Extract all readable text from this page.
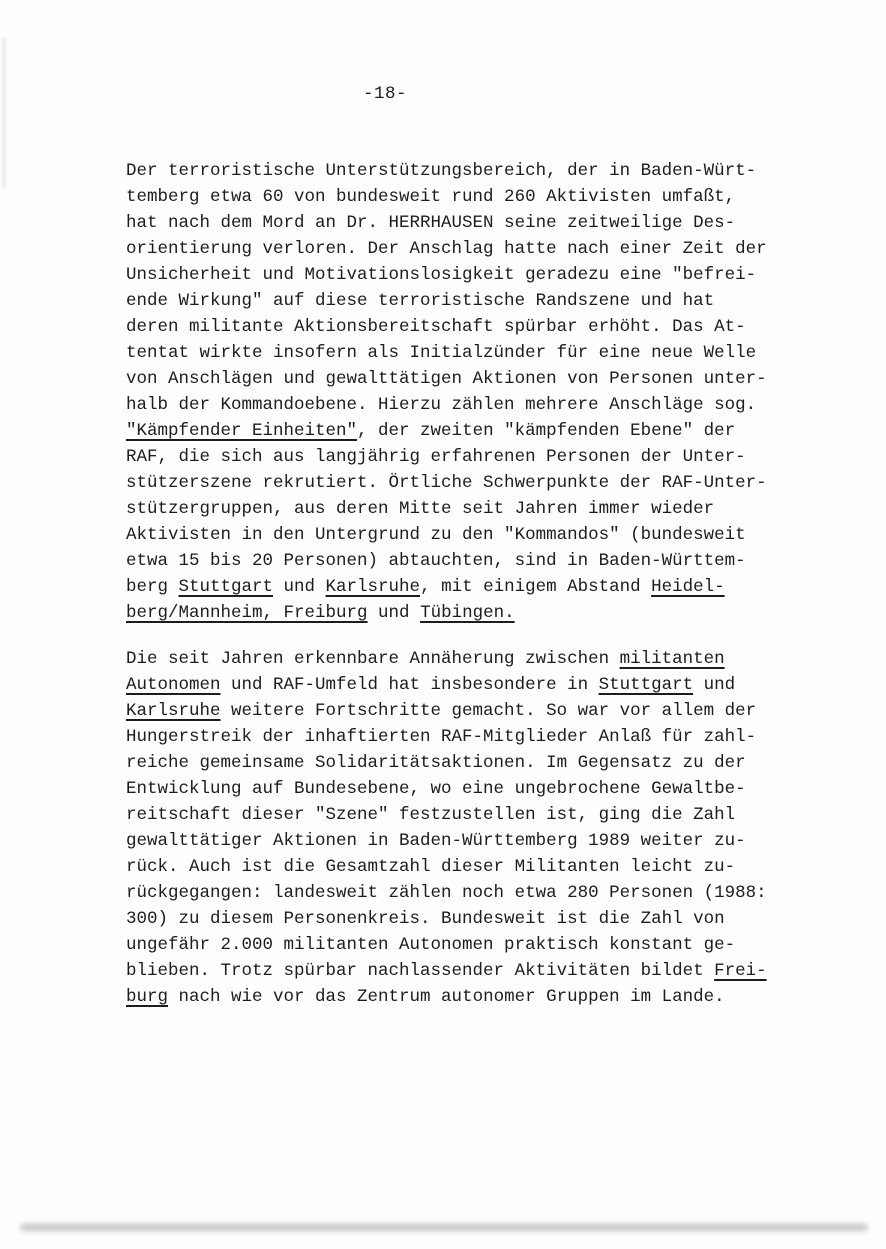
-18-
Der terroristische Unterstützungsbereich, der in Baden-Würt-
temberg etwa 60 von bundesweit rund 260 Aktivisten umfaßt,
hat nach dem Mord an Dr. HERRHAUSEN seine zeitweilige Des-
orientierung verloren. Der Anschlag hatte nach einer Zeit der
Unsicherheit und Motivationslosigkeit geradezu eine "befrei-
ende Wirkung" auf diese terroristische Randszene und hat
deren militante Aktionsbereitschaft spürbar erhöht. Das At-
tentat wirkte insofern als Initialzünder für eine neue Welle
von Anschlägen und gewalttätigen Aktionen von Personen unter-
halb der Kommandoebene. Hierzu zählen mehrere Anschläge sog.
"Kämpfender Einheiten", der zweiten "kämpfenden Ebene" der
RAF, die sich aus langjährig erfahrenen Personen der Unter-
stützerszene rekrutiert. Örtliche Schwerpunkte der RAF-Unter-
stützergruppen, aus deren Mitte seit Jahren immer wieder
Aktivisten in den Untergrund zu den "Kommandos" (bundesweit
etwa 15 bis 20 Personen) abtauchten, sind in Baden-Württem-
berg Stuttgart und Karlsruhe, mit einigem Abstand Heidel-
berg/Mannheim, Freiburg und Tübingen.
Die seit Jahren erkennbare Annäherung zwischen militanten
Autonomen und RAF-Umfeld hat insbesondere in Stuttgart und
Karlsruhe weitere Fortschritte gemacht. So war vor allem der
Hungerstreik der inhaftierten RAF-Mitglieder Anlaß für zahl-
reiche gemeinsame Solidaritätsaktionen. Im Gegensatz zu der
Entwicklung auf Bundesebene, wo eine ungebrochene Gewaltbe-
reitschaft dieser "Szene" festzustellen ist, ging die Zahl
gewalttätiger Aktionen in Baden-Württemberg 1989 weiter zu-
rück. Auch ist die Gesamtzahl dieser Militanten leicht zu-
rückgegangen: landesweit zählen noch etwa 280 Personen (1988:
300) zu diesem Personenkreis. Bundesweit ist die Zahl von
ungefähr 2.000 militanten Autonomen praktisch konstant ge-
blieben. Trotz spürbar nachlassender Aktivitäten bildet Frei-
burg nach wie vor das Zentrum autonomer Gruppen im Lande.
